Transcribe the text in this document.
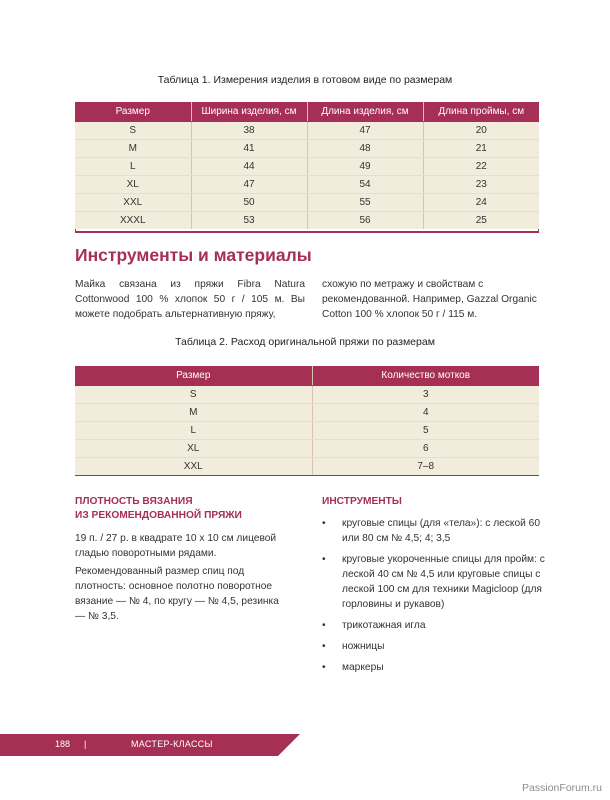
Таблица 1. Измерения изделия в готовом виде по размерам
Размер	Ширина изделия, см	Длина изделия, см	Длина проймы, см
S	38	47	20
M	41	48	21
L	44	49	22
XL	47	54	23
XXL	50	55	24
XXXL	53	56	25
Инструменты и материалы
Майка связана из пряжи Fibra Natura Cottonwood 100 % хлопок 50 г / 105 м. Вы можете подобрать альтернативную пряжу,
схожую по метражу и свойствам с рекомендованной. Например, Gazzal Organic Cotton 100 % хлопок 50 г / 115 м.
Таблица 2. Расход оригинальной пряжи по размерам
Размер	Количество мотков
S	3
M	4
L	5
XL	6
XXL	7–8
ПЛОТНОСТЬ ВЯЗАНИЯ
ИЗ РЕКОМЕНДОВАННОЙ ПРЯЖИ
19 п. / 27 р. в квадрате 10 х 10 см лицевой гладью поворотными рядами.
Рекомендованный размер спиц под плотность: основное полотно поворотное вязание — № 4, по кругу — № 4,5, резинка — № 3,5.
ИНСТРУМЕНТЫ
• круговые спицы (для «тела»): с леской 60 или 80 см № 4,5; 4; 3,5
• круговые укороченные спицы для пройм: с леской 40 см № 4,5 или круговые спицы с леской 100 см для техники Magicloop (для горловины и рукавов)
• трикотажная игла
• ножницы
• маркеры
188 |	МАСТЕР-КЛАССЫ
PassionForum.ru
